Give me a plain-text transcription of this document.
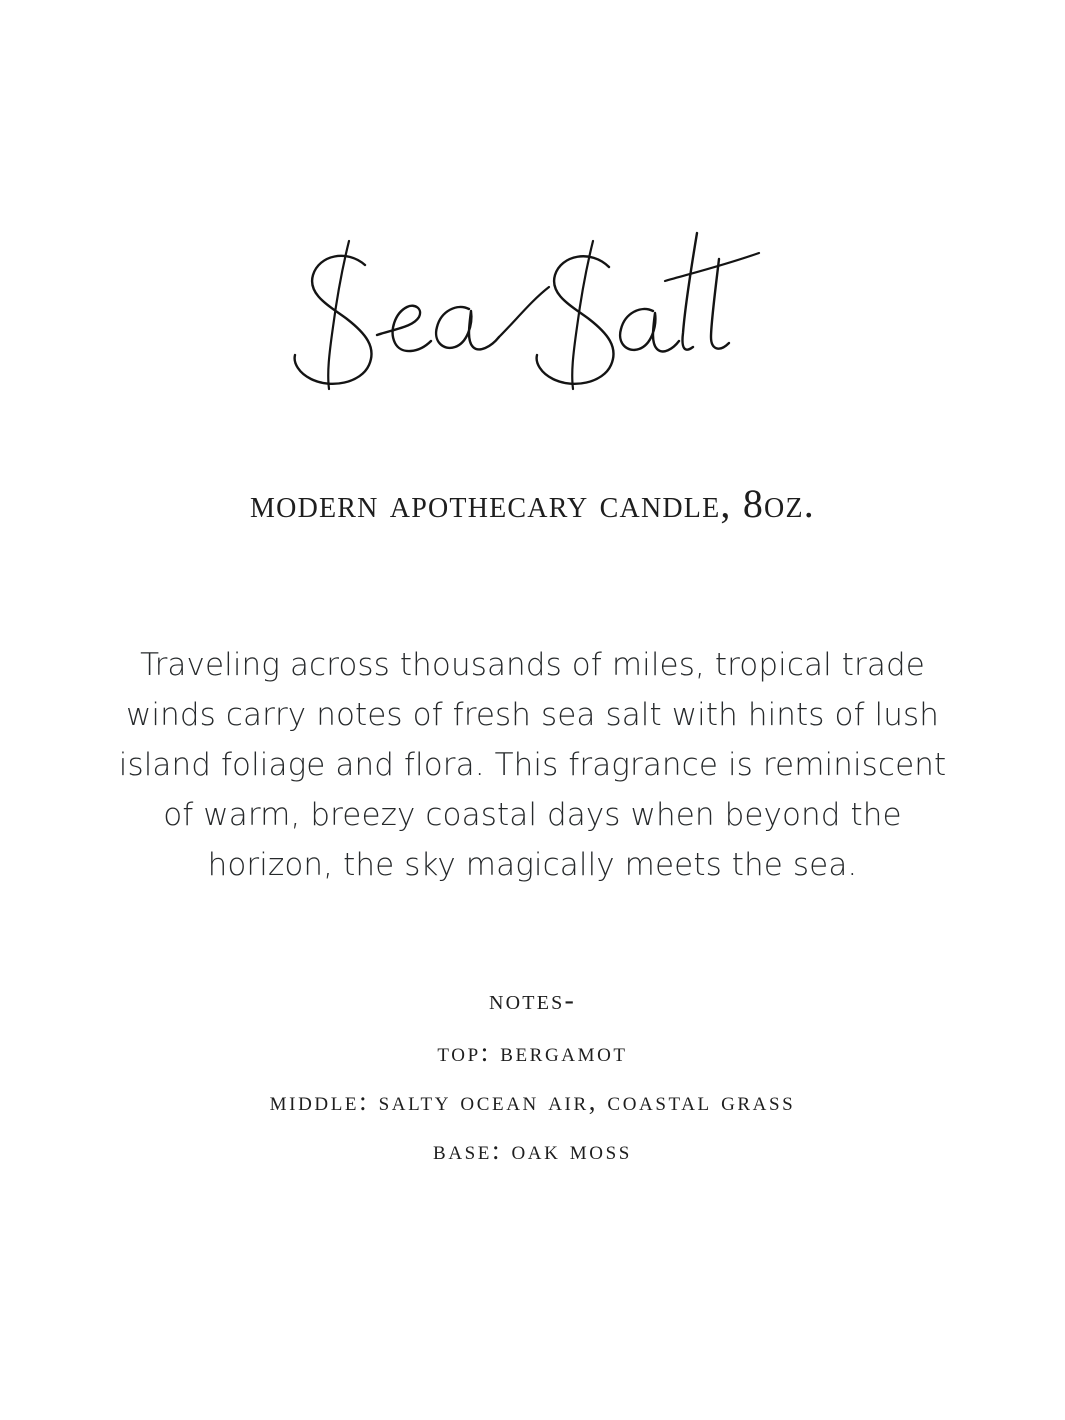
modern apothecary candle, 8oz.
Traveling across thousands of miles, tropical trade winds carry notes of fresh sea salt with hints of lush island foliage and flora. This fragrance is reminiscent of warm, breezy coastal days when beyond the horizon, the sky magically meets the sea.
notes-
top: bergamot
middle: salty ocean air, coastal grass
base: oak moss
